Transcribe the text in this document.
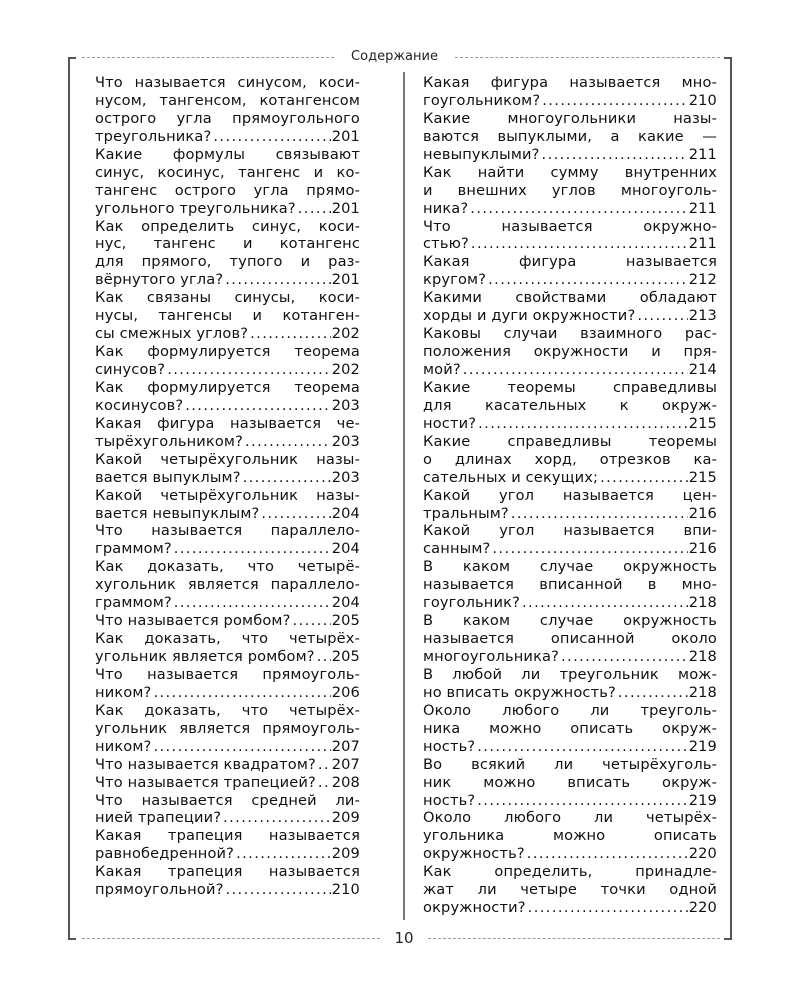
Содержание
Что называется синусом, коси-
нусом, тангенсом, котангенсом
острого угла прямоугольного
треугольника? .....	201
Какие формулы связывают
синус, косинус, тангенс и ко-
тангенс острого угла прямо-
угольного треугольника? ..... 201
Как определить синус, коси-
нус, тангенс и котангенс
для прямого, тупого и раз-
вёрнутого угла? .....	201
Как связаны синусы, коси-
нусы, тангенсы и котанген-
сы смежных углов? .....	202
Как формулируется теорема
синусов? .....	202
Как формулируется теорема
косинусов? .....	203
Какая фигура называется че-
тырёхугольником? .....	203
Какой четырёхугольник назы-
вается выпуклым? .....	203
Какой четырёхугольник назы-
вается невыпуклым? .....	204
Что называется параллело-
граммом? .....	204
Как доказать, что четырё-
хугольник является параллело-
граммом? .....	204
Что называется ромбом? .....	205
Как доказать, что четырёх-
угольник является ромбом? ..... 205
Что называется прямоуголь-
ником? .....	206
Как доказать, что четырёх-
угольник является прямоуголь-
ником? .....	207
Что называется квадратом? ..... 207
Что называется трапецией? ..... 208
Что называется средней ли-
нией трапеции? .....	209
Какая трапеция называется
равнобедренной? .....	209
Какая трапеция называется
прямоугольной? .....	210
Какая фигура называется мно-
гоугольником? .....	210
Какие многоугольники назы-
ваются выпуклыми, а какие —
невыпуклыми? .....	211
Как найти сумму внутренних
и внешних углов многоуголь-
ника? .....	211
Что называется окружно-
стью? .....	211
Какая фигура называется
кругом? .....	212
Какими свойствами обладают
хорды и дуги окружности? .....	213
Каковы случаи взаимного рас-
положения окружности и пря-
мой? .....	214
Какие теоремы справедливы
для касательных к окруж-
ности? .....	215
Какие справедливы теоремы
о длинах хорд, отрезков ка-
сательных и секущих; .....	215
Какой угол называется цен-
тральным? .....	216
Какой угол называется впи-
санным? .....	216
В каком случае окружность
называется вписанной в мно-
гоугольник? .....	218
В каком случае окружность
называется описанной около
многоугольника? .....	218
В любой ли треугольник мож-
но вписать окружность? .....	218
Около любого ли треуголь-
ника можно описать окруж-
ность? .....	219
Во всякий ли четырёхуголь-
ник можно вписать окруж-
ность? .....	219
Около любого ли четырёх-
угольника можно описать
окружность? .....	220
Как определить, принадле-
жат ли четыре точки одной
окружности? .....	220
10
